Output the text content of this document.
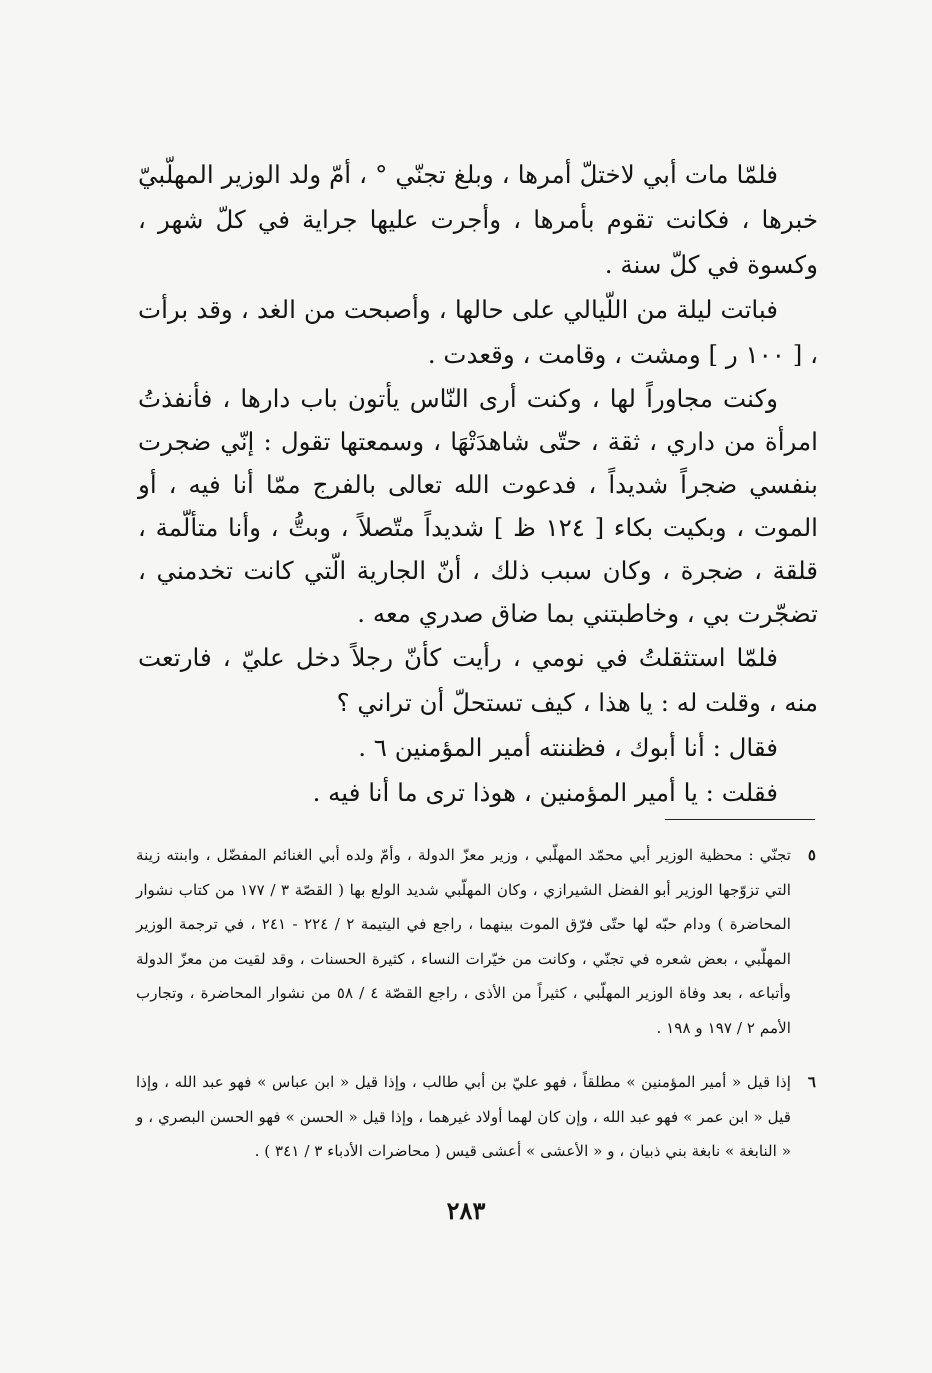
فلمّا مات أبي لاختلّ أمرها ، وبلغ تجنّي ° ، أمّ ولد الوزير المهلّبيّ خبرها ، فكانت تقوم بأمرها ، وأجرت عليها جراية في كلّ شهر ، وكسوة في كلّ سنة .

فباتت ليلة من اللّيالي على حالها ، وأصبحت من الغد ، وقد برأت ، [ ١٠٠ ر ] ومشت ، وقامت ، وقعدت .

وكنت مجاوراً لها ، وكنت أرى النّاس يأتون باب دارها ، فأنفذتُ امرأة من داري ، ثقة ، حتّى شاهدَتْهَا ، وسمعتها تقول : إنّي ضجرت بنفسي ضجراً شديداً ، فدعوت الله تعالى بالفرج ممّا أنا فيه ، أو الموت ، وبكيت بكاء [ ١٢٤ ظ ] شديداً متّصلاً ، وبتُّ ، وأنا متألّمة ، قلقة ، ضجرة ، وكان سبب ذلك ، أنّ الجارية الّتي كانت تخدمني ، تضجّرت بي ، وخاطبتني بما ضاق صدري معه .

فلمّا استثقلتُ في نومي ، رأيت كأنّ رجلاً دخل عليّ ، فارتعت منه ، وقلت له : يا هذا ، كيف تستحلّ أن تراني ؟

فقال : أنا أبوك ، فظننته أمير المؤمنين ٦ .

فقلت : يا أمير المؤمنين ، هوذا ترى ما أنا فيه .

٥
تجنّي : محظية الوزير أبي محمّد المهلّبي ، وزير معزّ الدولة ، وأمّ ولده أبي الغنائم المفضّل ، وابنته زينة التي تزوّجها الوزير أبو الفضل الشيرازي ، وكان المهلّبي شديد الولع بها ( القصّة ٣ / ١٧٧ من كتاب نشوار المحاضرة ) ودام حبّه لها حتّى فرّق الموت بينهما ، راجع في اليتيمة ٢ / ٢٢٤ - ٢٤١ ، في ترجمة الوزير المهلّبي ، بعض شعره في تجنّي ، وكانت من خيّرات النساء ، كثيرة الحسنات ، وقد لقيت من معزّ الدولة وأتباعه ، بعد وفاة الوزير المهلّبي ، كثيراً من الأذى ، راجع القصّة ٤ / ٥٨ من نشوار المحاضرة ، وتجارب الأمم ٢ / ١٩٧ و ١٩٨ .
٦
إذا قيل « أمير المؤمنين » مطلقاً ، فهو عليّ بن أبي طالب ، وإذا قيل « ابن عباس » فهو عبد الله ، وإذا قيل « ابن عمر » فهو عبد الله ، وإن كان لهما أولاد غيرهما ، وإذا قيل « الحسن » فهو الحسن البصري ، و « النابغة » نابغة بني ذبيان ، و « الأعشى » أعشى قيس ( محاضرات الأدباء ٣ / ٣٤١ ) .
٢٨٣
